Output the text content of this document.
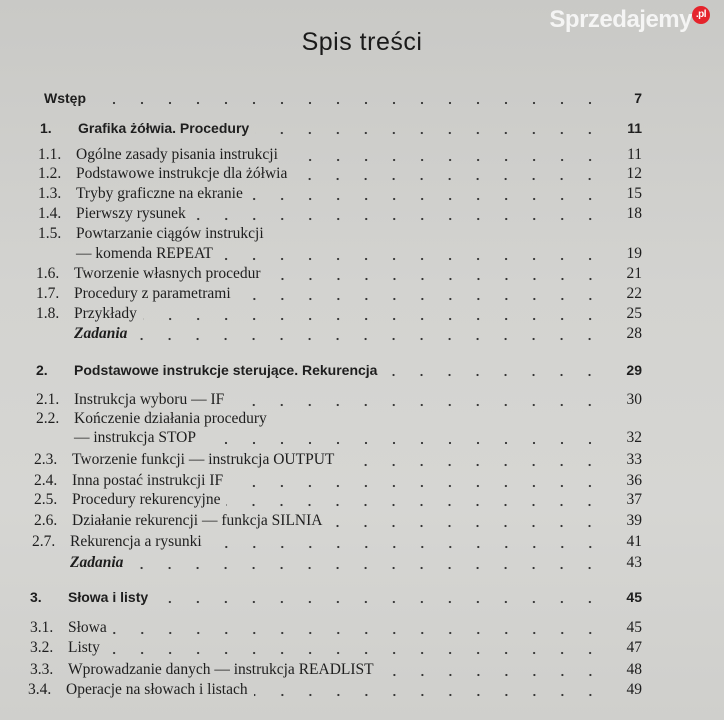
Spis treści
Wstęp	7
1.	Grafika żółwia. Procedury	11
1.1. Ogólne zasady pisania instrukcji	11
1.2. Podstawowe instrukcje dla żółwia	12
1.3. Tryby graficzne na ekranie	15
1.4. Pierwszy rysunek	18
1.5. Powtarzanie ciągów instrukcji
— komenda REPEAT	19
1.6. Tworzenie własnych procedur	21
1.7. Procedury z parametrami	22
1.8. Przykłady	25
Zadania	28
2.	Podstawowe instrukcje sterujące. Rekurencja	29
2.1. Instrukcja wyboru — IF	30
2.2. Kończenie działania procedury
— instrukcja STOP	32
2.3. Tworzenie funkcji — instrukcja OUTPUT	33
2.4. Inna postać instrukcji IF	36
2.5. Procedury rekurencyjne	37
2.6. Działanie rekurencji — funkcja SILNIA	39
2.7. Rekurencja a rysunki	41
Zadania	43
3.	Słowa i listy	45
3.1. Słowa	45
3.2. Listy	47
3.3. Wprowadzanie danych — instrukcja READLIST	48
3.4. Operacje na słowach i listach	49
Sprzedajemy $^{.pl}$
